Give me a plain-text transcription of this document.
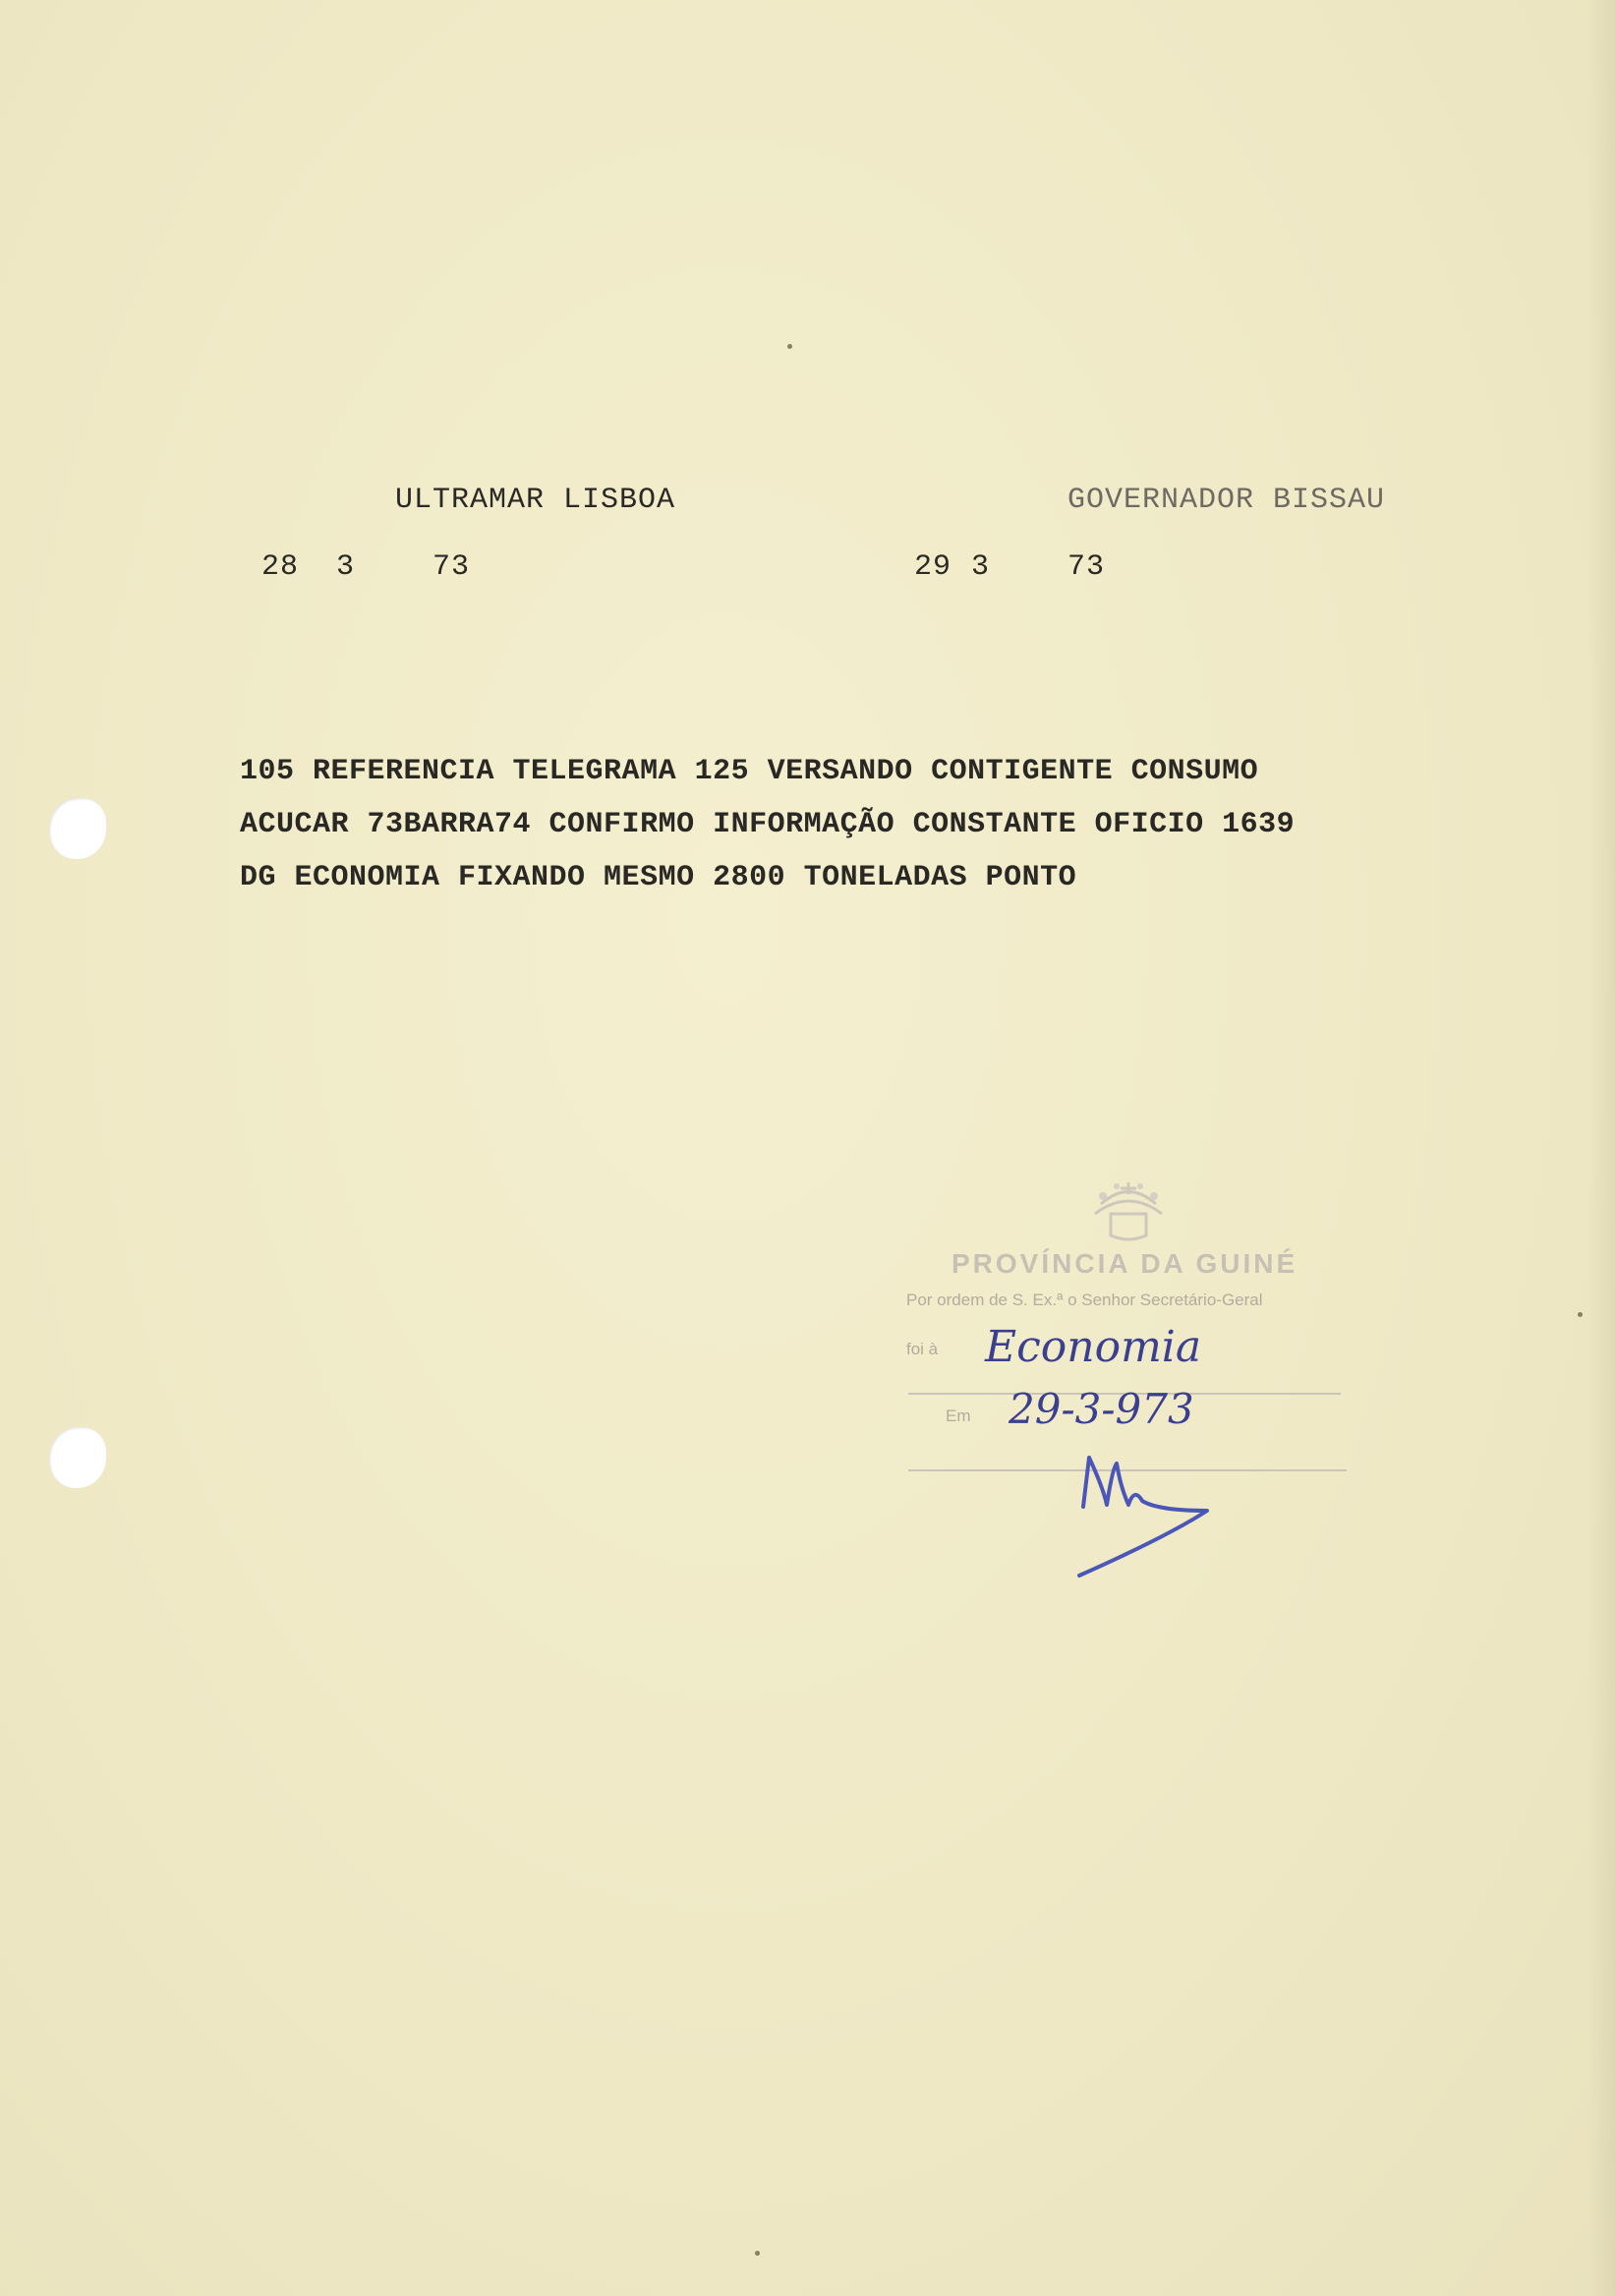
ULTRAMAR LISBOA	GOVERNADOR BISSAU
28 3	73	29 3	73
105 REFERENCIA TELEGRAMA 125 VERSANDO CONTIGENTE CONSUMO
ACUCAR 73BARRA74 CONFIRMO INFORMAÇÃO CONSTANTE OFICIO 1639
DG ECONOMIA FIXANDO MESMO 2800 TONELADAS PONTO
PROVÍNCIA DA GUINÉ
Por ordem de S. Ex.ª o Senhor Secretário-Geral
foi à Economia
Em 29-3-973
